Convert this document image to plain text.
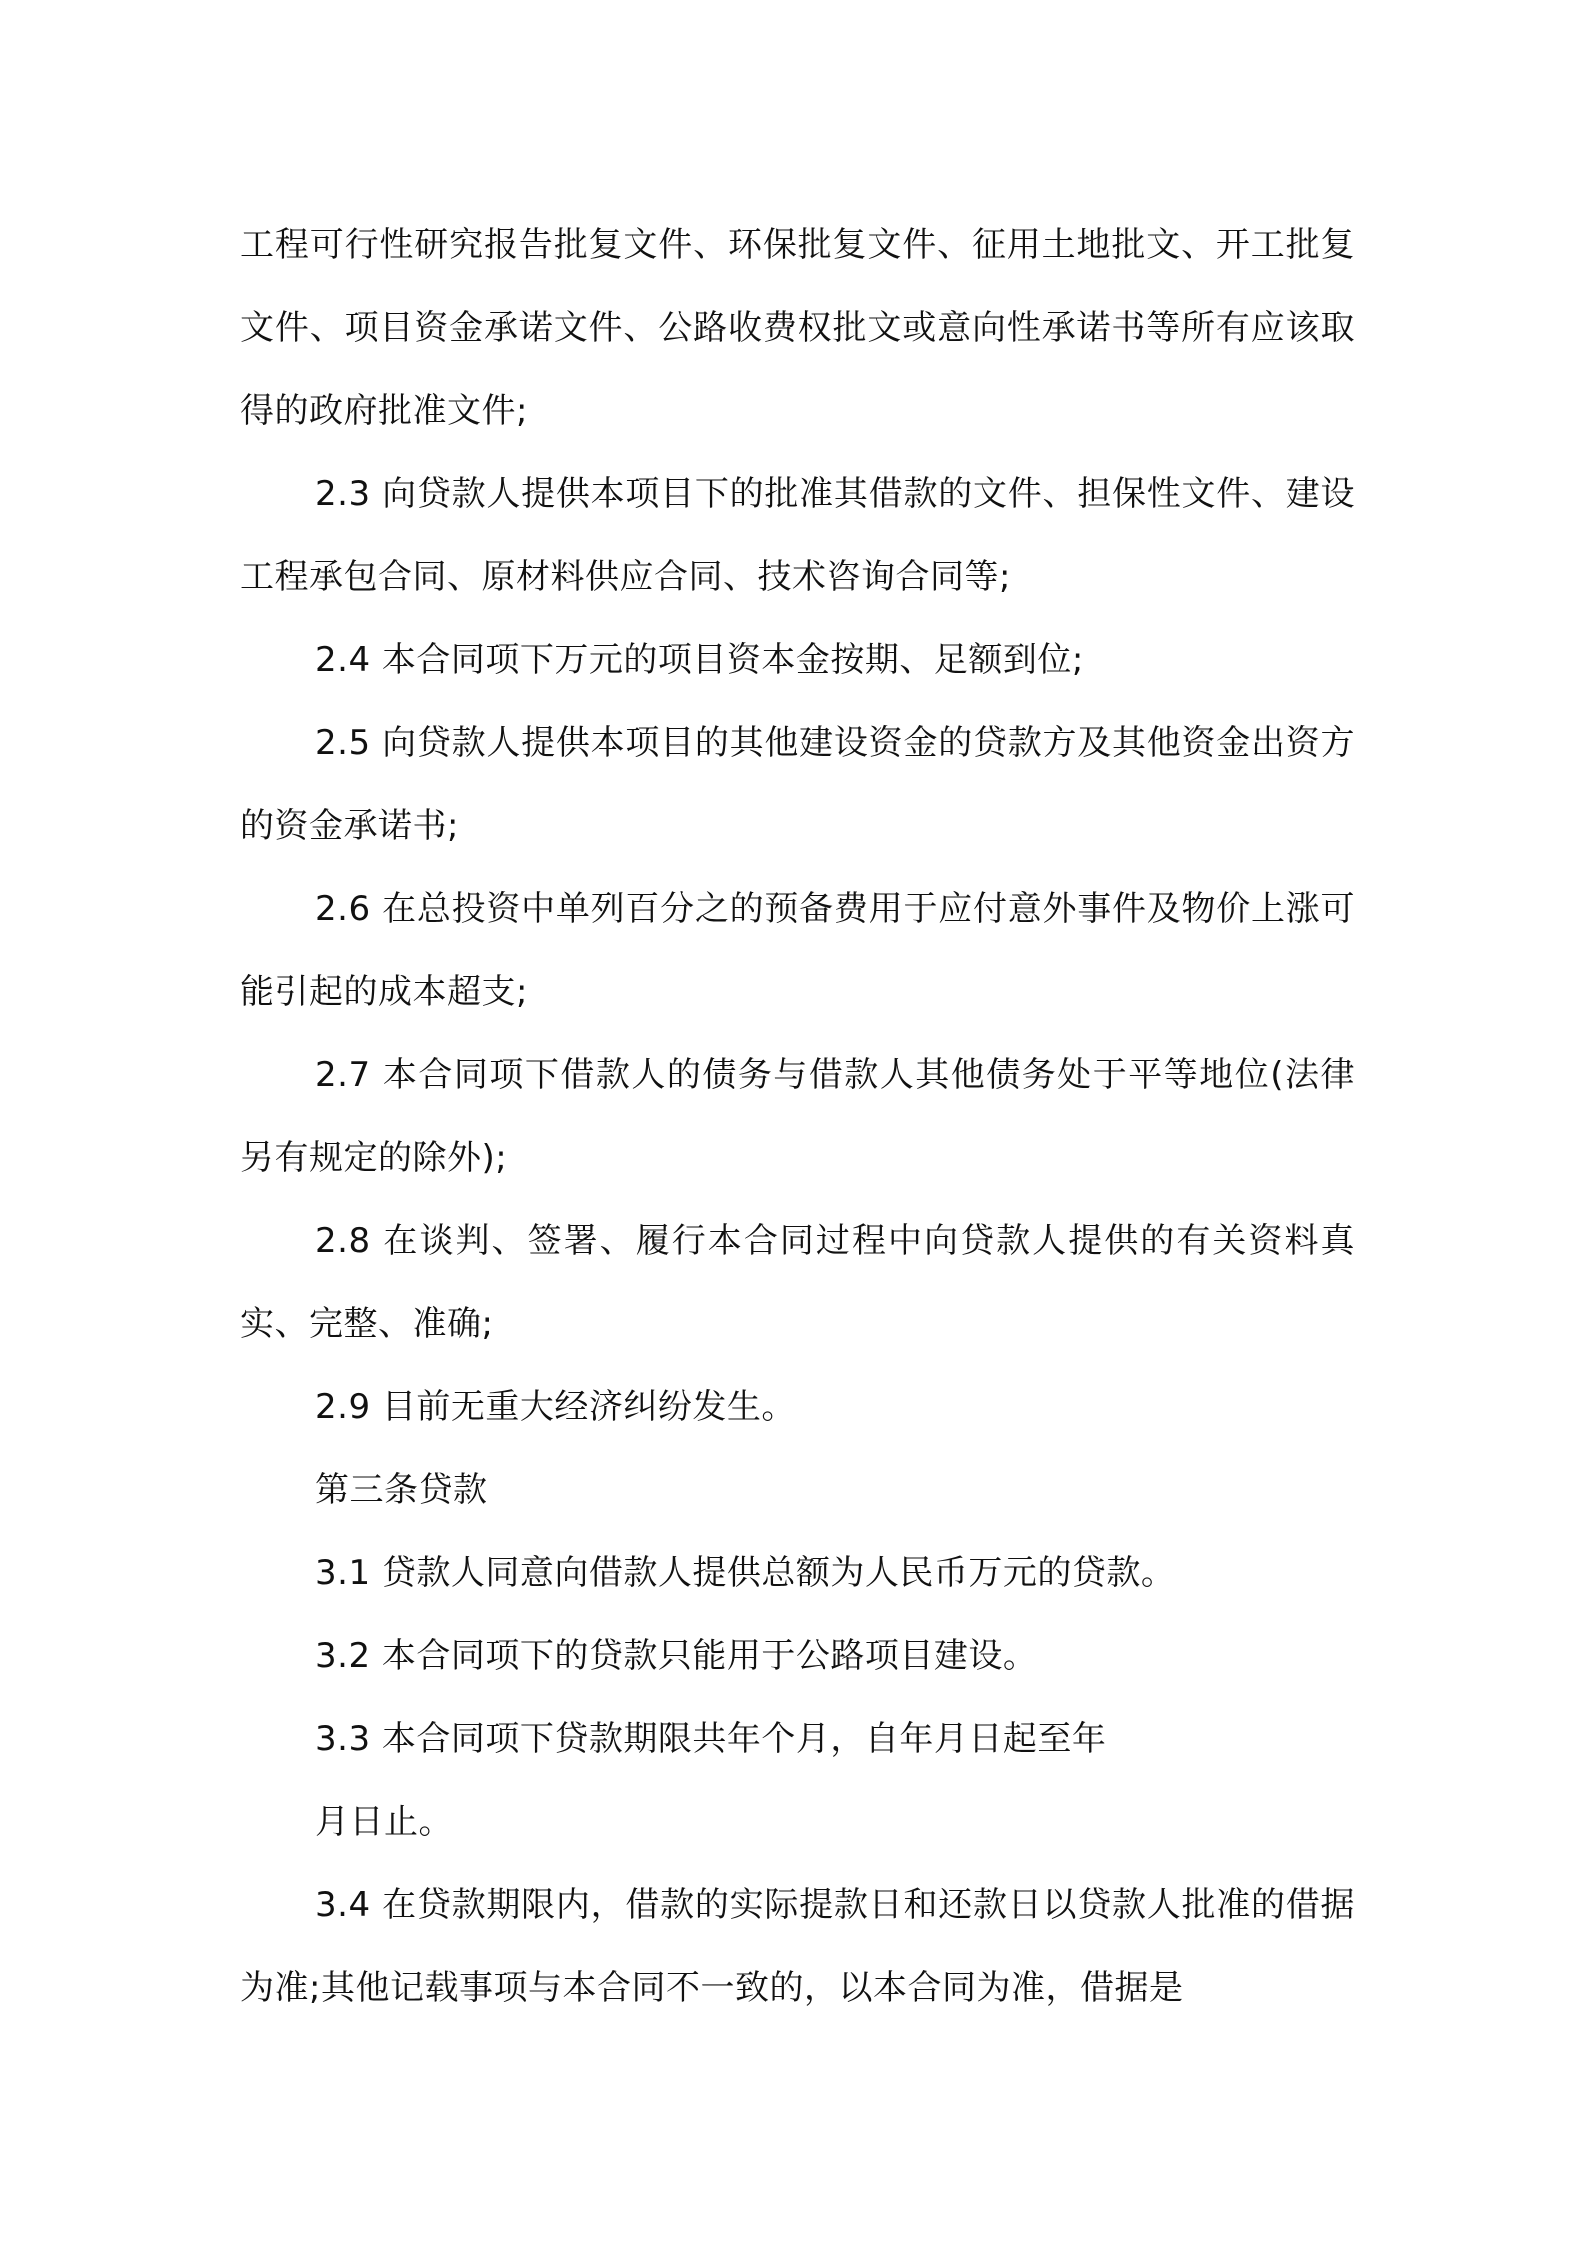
工程可行性研究报告批复文件、环保批复文件、征用土地批文、开工批复文件、项目资金承诺文件、公路收费权批文或意向性承诺书等所有应该取得的政府批准文件;

2.3 向贷款人提供本项目下的批准其借款的文件、担保性文件、建设工程承包合同、原材料供应合同、技术咨询合同等;

2.4 本合同项下万元的项目资本金按期、足额到位;

2.5 向贷款人提供本项目的其他建设资金的贷款方及其他资金出资方的资金承诺书;

2.6 在总投资中单列百分之的预备费用于应付意外事件及物价上涨可能引起的成本超支;

2.7 本合同项下借款人的债务与借款人其他债务处于平等地位(法律另有规定的除外);

2.8 在谈判、签署、履行本合同过程中向贷款人提供的有关资料真实、完整、准确;

2.9 目前无重大经济纠纷发生。

第三条贷款

3.1 贷款人同意向借款人提供总额为人民币万元的贷款。

3.2 本合同项下的贷款只能用于公路项目建设。

3.3 本合同项下贷款期限共年个月，自年月日起至年

月日止。

3.4 在贷款期限内，借款的实际提款日和还款日以贷款人批准的借据为准;其他记载事项与本合同不一致的，以本合同为准，借据是
